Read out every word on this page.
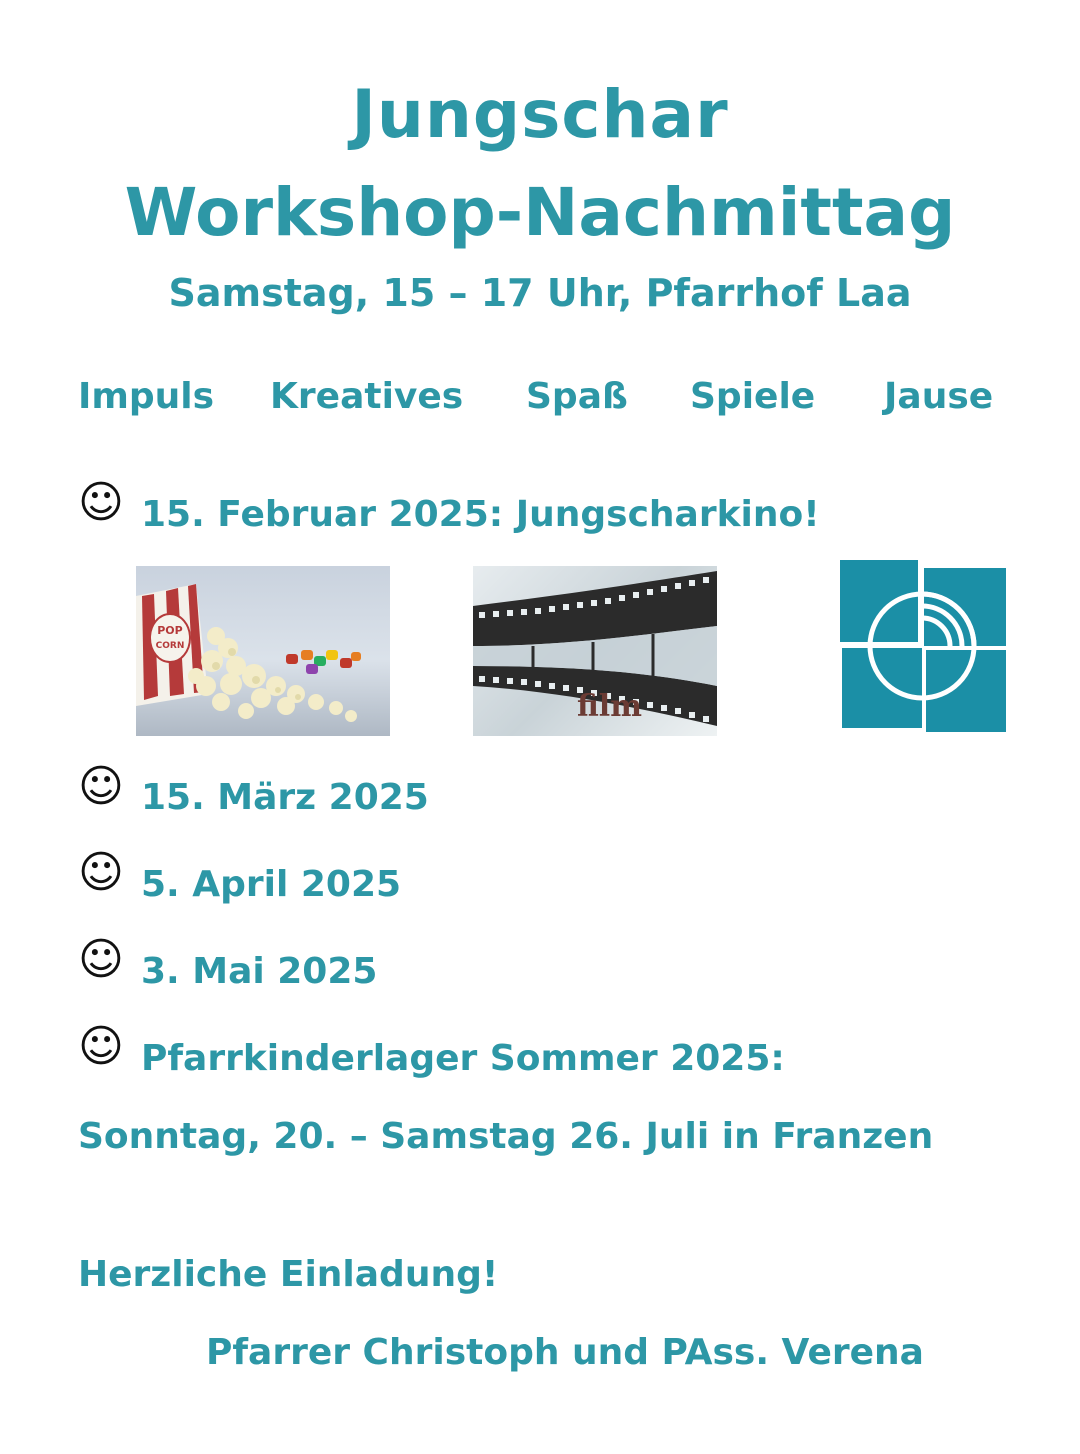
Jungschar
Workshop-Nachmittag
Samstag, 15 – 17 Uhr, Pfarrhof Laa
Impuls Kreatives Spaß Spiele Jause
☺ 15. Februar 2025: Jungscharkino!
POP
CORN
film
☺ 15. März 2025
☺ 5. April 2025
☺ 3. Mai 2025
☺ Pfarrkinderlager Sommer 2025:
Sonntag, 20. – Samstag 26. Juli in Franzen
Herzliche Einladung!
Pfarrer Christoph und PAss. Verena
